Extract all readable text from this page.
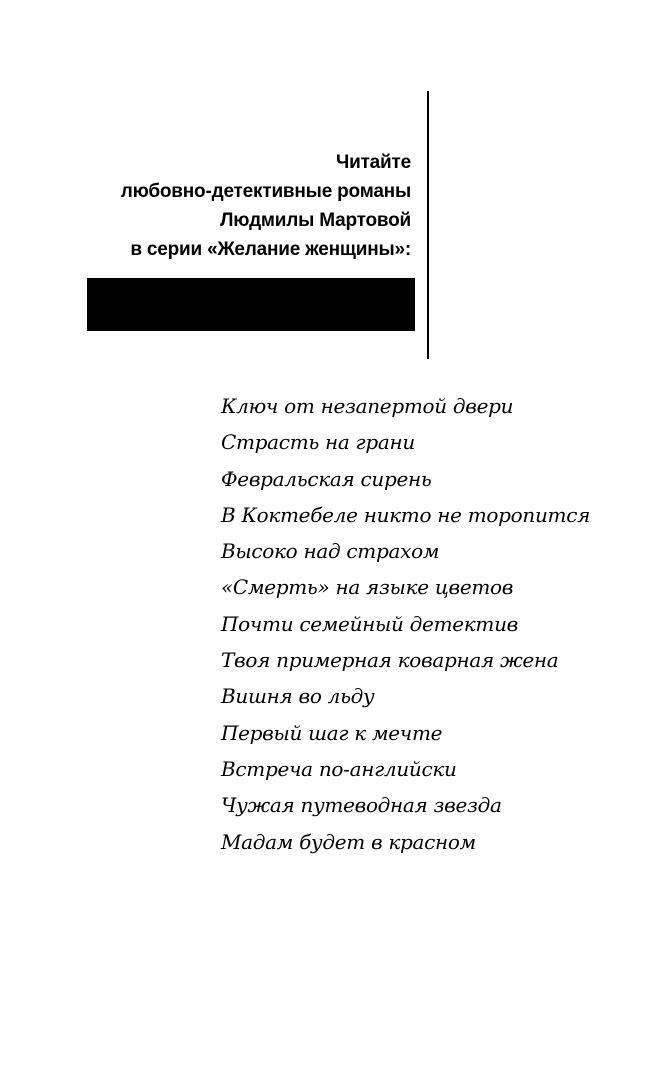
Читайте
любовно-детективные романы
Людмилы Мартовой
в серии «Желание женщины»:
Ключ от незапертой двери
Страсть на грани
Февральская сирень
В Коктебеле никто не торопится
Высоко над страхом
«Смерть» на языке цветов
Почти семейный детектив
Твоя примерная коварная жена
Вишня во льду
Первый шаг к мечте
Встреча по-английски
Чужая путеводная звезда
Мадам будет в красном
